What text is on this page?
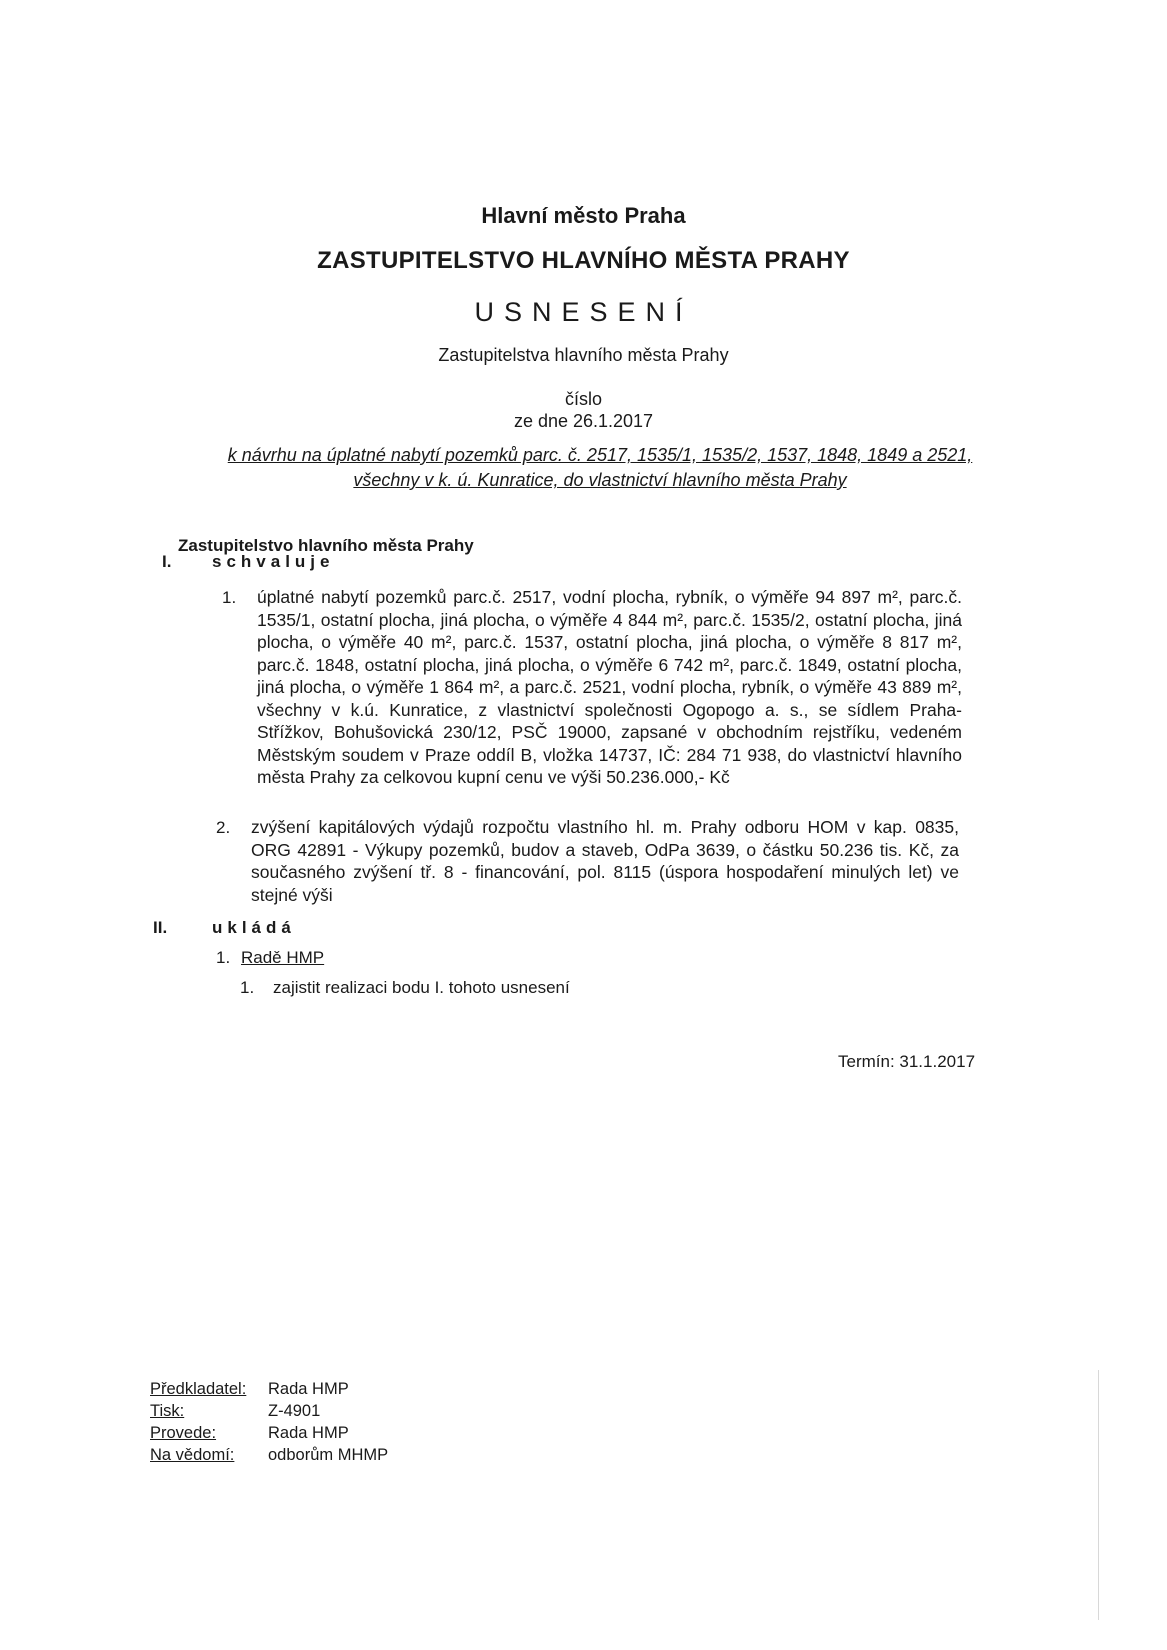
Hlavní město Praha
ZASTUPITELSTVO HLAVNÍHO MĚSTA PRAHY
USNESENÍ
Zastupitelstva hlavního města Prahy
číslo
ze dne 26.1.2017
k návrhu na úplatné nabytí pozemků parc. č. 2517, 1535/1, 1535/2, 1537, 1848, 1849 a 2521, všechny v k. ú. Kunratice, do vlastnictví hlavního města Prahy
Zastupitelstvo hlavního města Prahy
I. schvaluje
1. úplatné nabytí pozemků parc.č. 2517, vodní plocha, rybník, o výměře 94 897 m², parc.č. 1535/1, ostatní plocha, jiná plocha, o výměře 4 844 m², parc.č. 1535/2, ostatní plocha, jiná plocha, o výměře 40 m², parc.č. 1537, ostatní plocha, jiná plocha, o výměře 8 817 m², parc.č. 1848, ostatní plocha, jiná plocha, o výměře 6 742 m², parc.č. 1849, ostatní plocha, jiná plocha, o výměře 1 864 m², a parc.č. 2521, vodní plocha, rybník, o výměře 43 889 m², všechny v k.ú. Kunratice, z vlastnictví společnosti Ogopogo a. s., se sídlem Praha-Střížkov, Bohušovická 230/12, PSČ 19000, zapsané v obchodním rejstříku, vedeném Městským soudem v Praze oddíl B, vložka 14737, IČ: 284 71 938, do vlastnictví hlavního města Prahy za celkovou kupní cenu ve výši 50.236.000,- Kč
2. zvýšení kapitálových výdajů rozpočtu vlastního hl. m. Prahy odboru HOM v kap. 0835, ORG 42891 - Výkupy pozemků, budov a staveb, OdPa 3639, o částku 50.236 tis. Kč, za současného zvýšení tř. 8 - financování, pol. 8115 (úspora hospodaření minulých let) ve stejné výši
II.	ukládá
1. Radě HMP
1. zajistit realizaci bodu I. tohoto usnesení
Termín: 31.1.2017
Předkladatel:	Rada HMP
Tisk:	Z-4901
Provede:	Rada HMP
Na vědomí:	odborům MHMP
